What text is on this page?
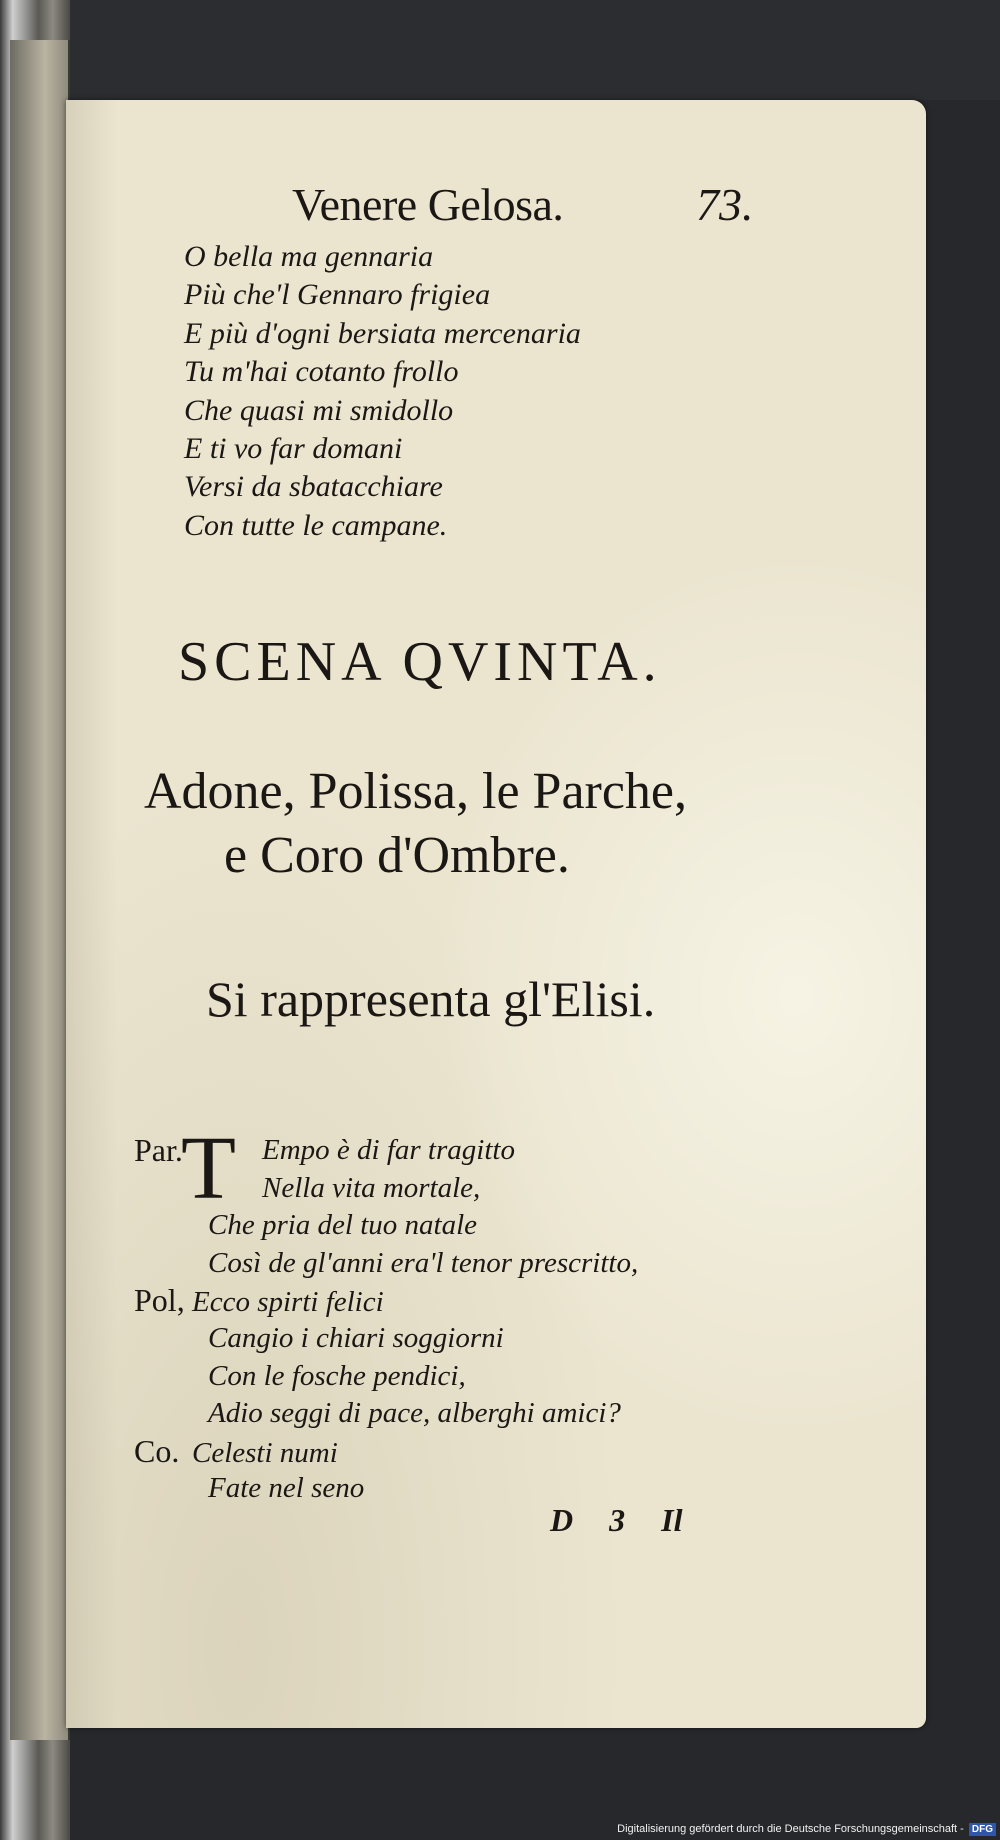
Venere Gelosa.	73.
O bella ma gennaria
Più che'l Gennaro frigiea
E più d'ogni bersiata mercenaria
Tu m'hai cotanto frollo
Che quasi mi smidollo
E ti vo far domani
Versi da sbatacchiare
Con tutte le campane.
SCENA QVINTA.
Adone, Polissa, le Parche,
e Coro d'Ombre.
Si rappresenta gl'Elisi.
T Empo è di far tragitto
Nella vita mortale,
Par.
Che pria del tuo natale
Così de gl'anni era'l tenor prescritto,
Pol, Ecco spirti felici
Cangio i chiari soggiorni
Con le fosche pendici,
Adio seggi di pace, alberghi amici?
Co. Celesti numi
Fate nel seno
D 3 Il
Digitalisierung gefördert durch die Deutsche Forschungsgemeinschaft - DFG
